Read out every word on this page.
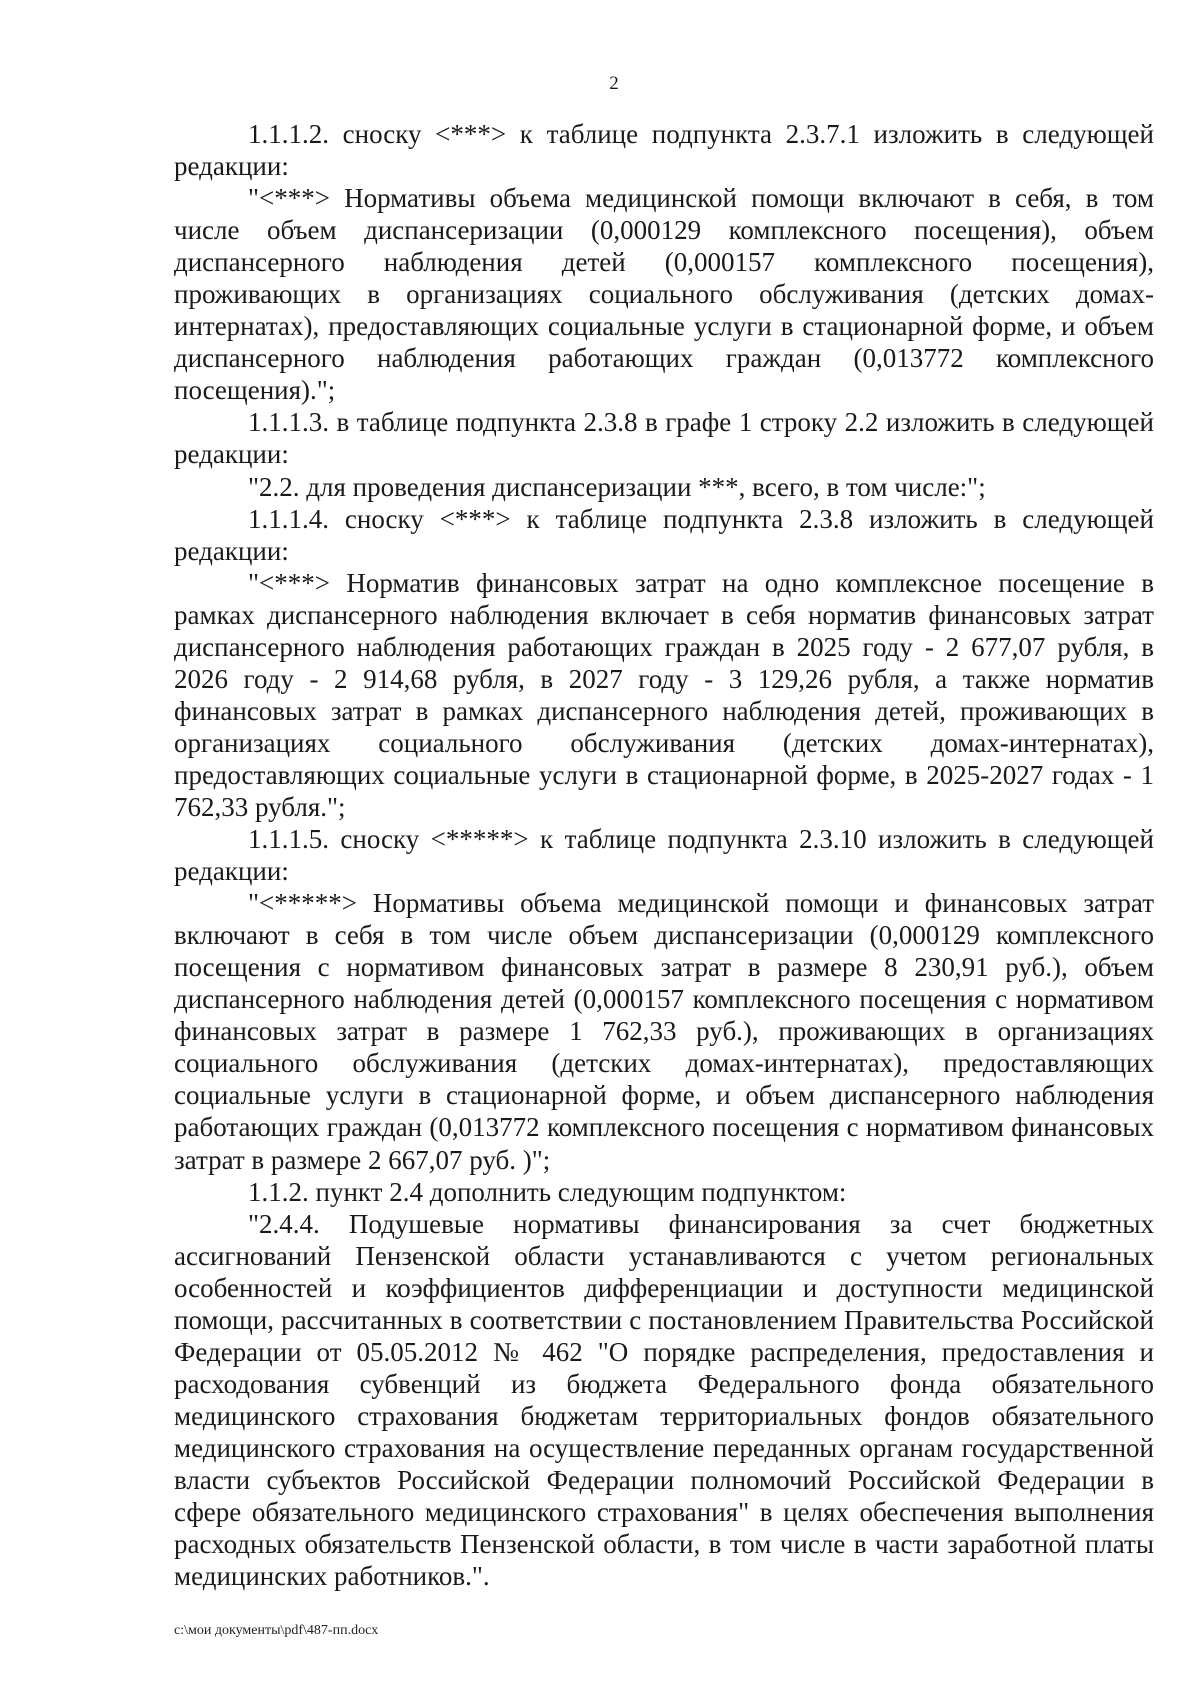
2

1.1.1.2. сноску <***> к таблице подпункта 2.3.7.1 изложить в следующей редакции:

"<***> Нормативы объема медицинской помощи включают в себя, в том числе объем диспансеризации (0,000129 комплексного посещения), объем диспансерного наблюдения детей (0,000157 комплексного посещения), проживающих в организациях социального обслуживания (детских домах-интернатах), предоставляющих социальные услуги в стационарной форме, и объем диспансерного наблюдения работающих граждан (0,013772 комплексного посещения).";

1.1.1.3. в таблице подпункта 2.3.8 в графе 1 строку 2.2 изложить в следующей редакции:

"2.2. для проведения диспансеризации ***, всего, в том числе:";

1.1.1.4. сноску <***> к таблице подпункта 2.3.8 изложить в следующей редакции:

"<***> Норматив финансовых затрат на одно комплексное посещение в рамках диспансерного наблюдения включает в себя норматив финансовых затрат диспансерного наблюдения работающих граждан в 2025 году - 2 677,07 рубля, в 2026 году - 2 914,68 рубля, в 2027 году - 3 129,26 рубля, а также норматив финансовых затрат в рамках диспансерного наблюдения детей, проживающих в организациях социального обслуживания (детских домах-интернатах), предоставляющих социальные услуги в стационарной форме, в 2025-2027 годах - 1 762,33 рубля.";

1.1.1.5. сноску <*****> к таблице подпункта 2.3.10 изложить в следующей редакции:

"<*****> Нормативы объема медицинской помощи и финансовых затрат включают в себя в том числе объем диспансеризации (0,000129 комплексного посещения с нормативом финансовых затрат в размере 8 230,91 руб.), объем диспансерного наблюдения детей (0,000157 комплексного посещения с нормативом финансовых затрат в размере 1 762,33 руб.), проживающих в организациях социального обслуживания (детских домах-интернатах), предоставляющих социальные услуги в стационарной форме, и объем диспансерного наблюдения работающих граждан (0,013772 комплексного посещения с нормативом финансовых затрат в размере 2 667,07 руб. )";

1.1.2. пункт 2.4 дополнить следующим подпунктом:

"2.4.4. Подушевые нормативы финансирования за счет бюджетных ассигнований Пензенской области устанавливаются с учетом региональных особенностей и коэффициентов дифференциации и доступности медицинской помощи, рассчитанных в соответствии с постановлением Правительства Российской Федерации от 05.05.2012 № 462 "О порядке распределения, предоставления и расходования субвенций из бюджета Федерального фонда обязательного медицинского страхования бюджетам территориальных фондов обязательного медицинского страхования на осуществление переданных органам государственной власти субъектов Российской Федерации полномочий Российской Федерации в сфере обязательного медицинского страхования" в целях обеспечения выполнения расходных обязательств Пензенской области, в том числе в части заработной платы медицинских работников.".

c:\мои документы\pdf\487-пп.docx
